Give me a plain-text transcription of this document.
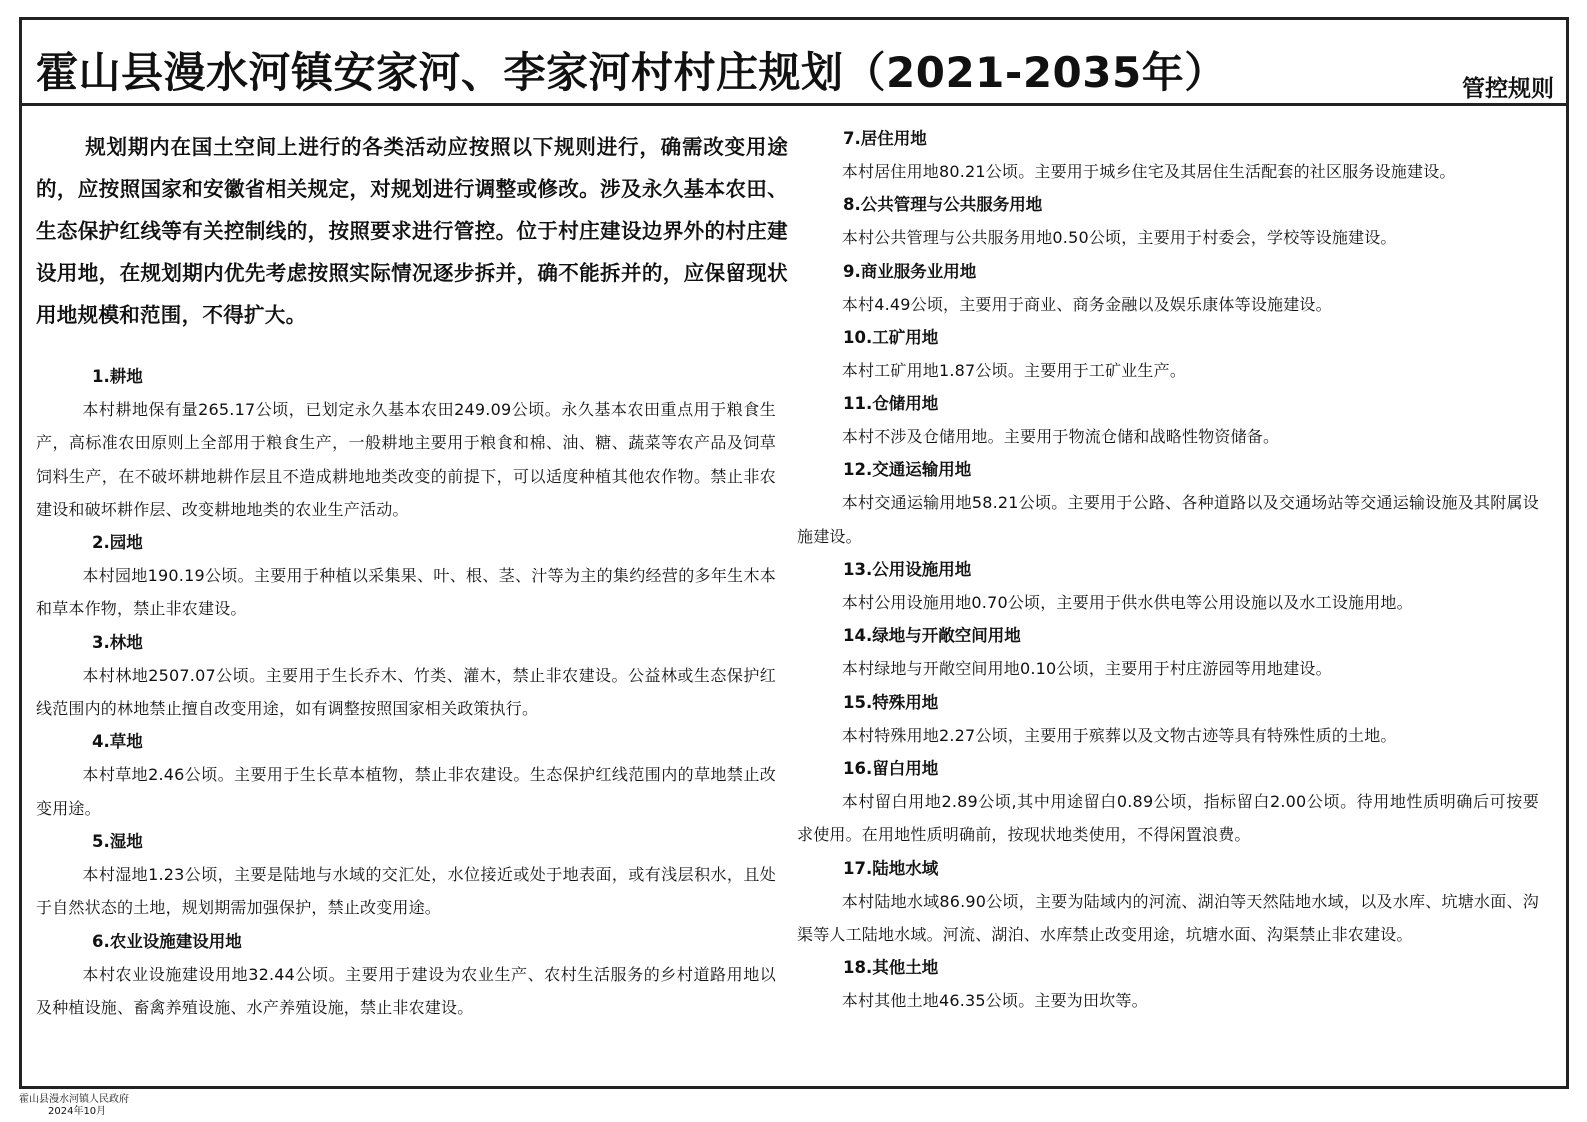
霍山县漫水河镇安家河、李家河村村庄规划（2021-2035年）	管控规则

规划期内在国土空间上进行的各类活动应按照以下规则进行，确需改变用途的，应按照国家和安徽省相关规定，对规划进行调整或修改。涉及永久基本农田、生态保护红线等有关控制线的，按照要求进行管控。位于村庄建设边界外的村庄建设用地，在规划期内优先考虑按照实际情况逐步拆并，确不能拆并的，应保留现状用地规模和范围，不得扩大。

1.耕地

本村耕地保有量265.17公顷，已划定永久基本农田249.09公顷。永久基本农田重点用于粮食生产，高标准农田原则上全部用于粮食生产，一般耕地主要用于粮食和棉、油、糖、蔬菜等农产品及饲草饲料生产，在不破坏耕地耕作层且不造成耕地地类改变的前提下，可以适度种植其他农作物。禁止非农建设和破坏耕作层、改变耕地地类的农业生产活动。

2.园地

本村园地190.19公顷。主要用于种植以采集果、叶、根、茎、汁等为主的集约经营的多年生木本和草本作物，禁止非农建设。

3.林地

本村林地2507.07公顷。主要用于生长乔木、竹类、灌木，禁止非农建设。公益林或生态保护红线范围内的林地禁止擅自改变用途，如有调整按照国家相关政策执行。

4.草地

本村草地2.46公顷。主要用于生长草本植物，禁止非农建设。生态保护红线范围内的草地禁止改变用途。

5.湿地

本村湿地1.23公顷，主要是陆地与水域的交汇处，水位接近或处于地表面，或有浅层积水，且处于自然状态的土地，规划期需加强保护，禁止改变用途。

6.农业设施建设用地

本村农业设施建设用地32.44公顷。主要用于建设为农业生产、农村生活服务的乡村道路用地以及种植设施、畜禽养殖设施、水产养殖设施，禁止非农建设。

7.居住用地

本村居住用地80.21公顷。主要用于城乡住宅及其居住生活配套的社区服务设施建设。

8.公共管理与公共服务用地

本村公共管理与公共服务用地0.50公顷，主要用于村委会，学校等设施建设。

9.商业服务业用地

本村4.49公顷，主要用于商业、商务金融以及娱乐康体等设施建设。

10.工矿用地

本村工矿用地1.87公顷。主要用于工矿业生产。

11.仓储用地

本村不涉及仓储用地。主要用于物流仓储和战略性物资储备。

12.交通运输用地

本村交通运输用地58.21公顷。主要用于公路、各种道路以及交通场站等交通运输设施及其附属设施建设。

13.公用设施用地

本村公用设施用地0.70公顷，主要用于供水供电等公用设施以及水工设施用地。

14.绿地与开敞空间用地

本村绿地与开敞空间用地0.10公顷，主要用于村庄游园等用地建设。

15.特殊用地

本村特殊用地2.27公顷，主要用于殡葬以及文物古迹等具有特殊性质的土地。

16.留白用地

本村留白用地2.89公顷,其中用途留白0.89公顷，指标留白2.00公顷。待用地性质明确后可按要求使用。在用地性质明确前，按现状地类使用，不得闲置浪费。

17.陆地水域

本村陆地水域86.90公顷，主要为陆域内的河流、湖泊等天然陆地水域，以及水库、坑塘水面、沟渠等人工陆地水域。河流、湖泊、水库禁止改变用途，坑塘水面、沟渠禁止非农建设。

18.其他土地

本村其他土地46.35公顷。主要为田坎等。

霍山县漫水河镇人民政府
2024年10月
